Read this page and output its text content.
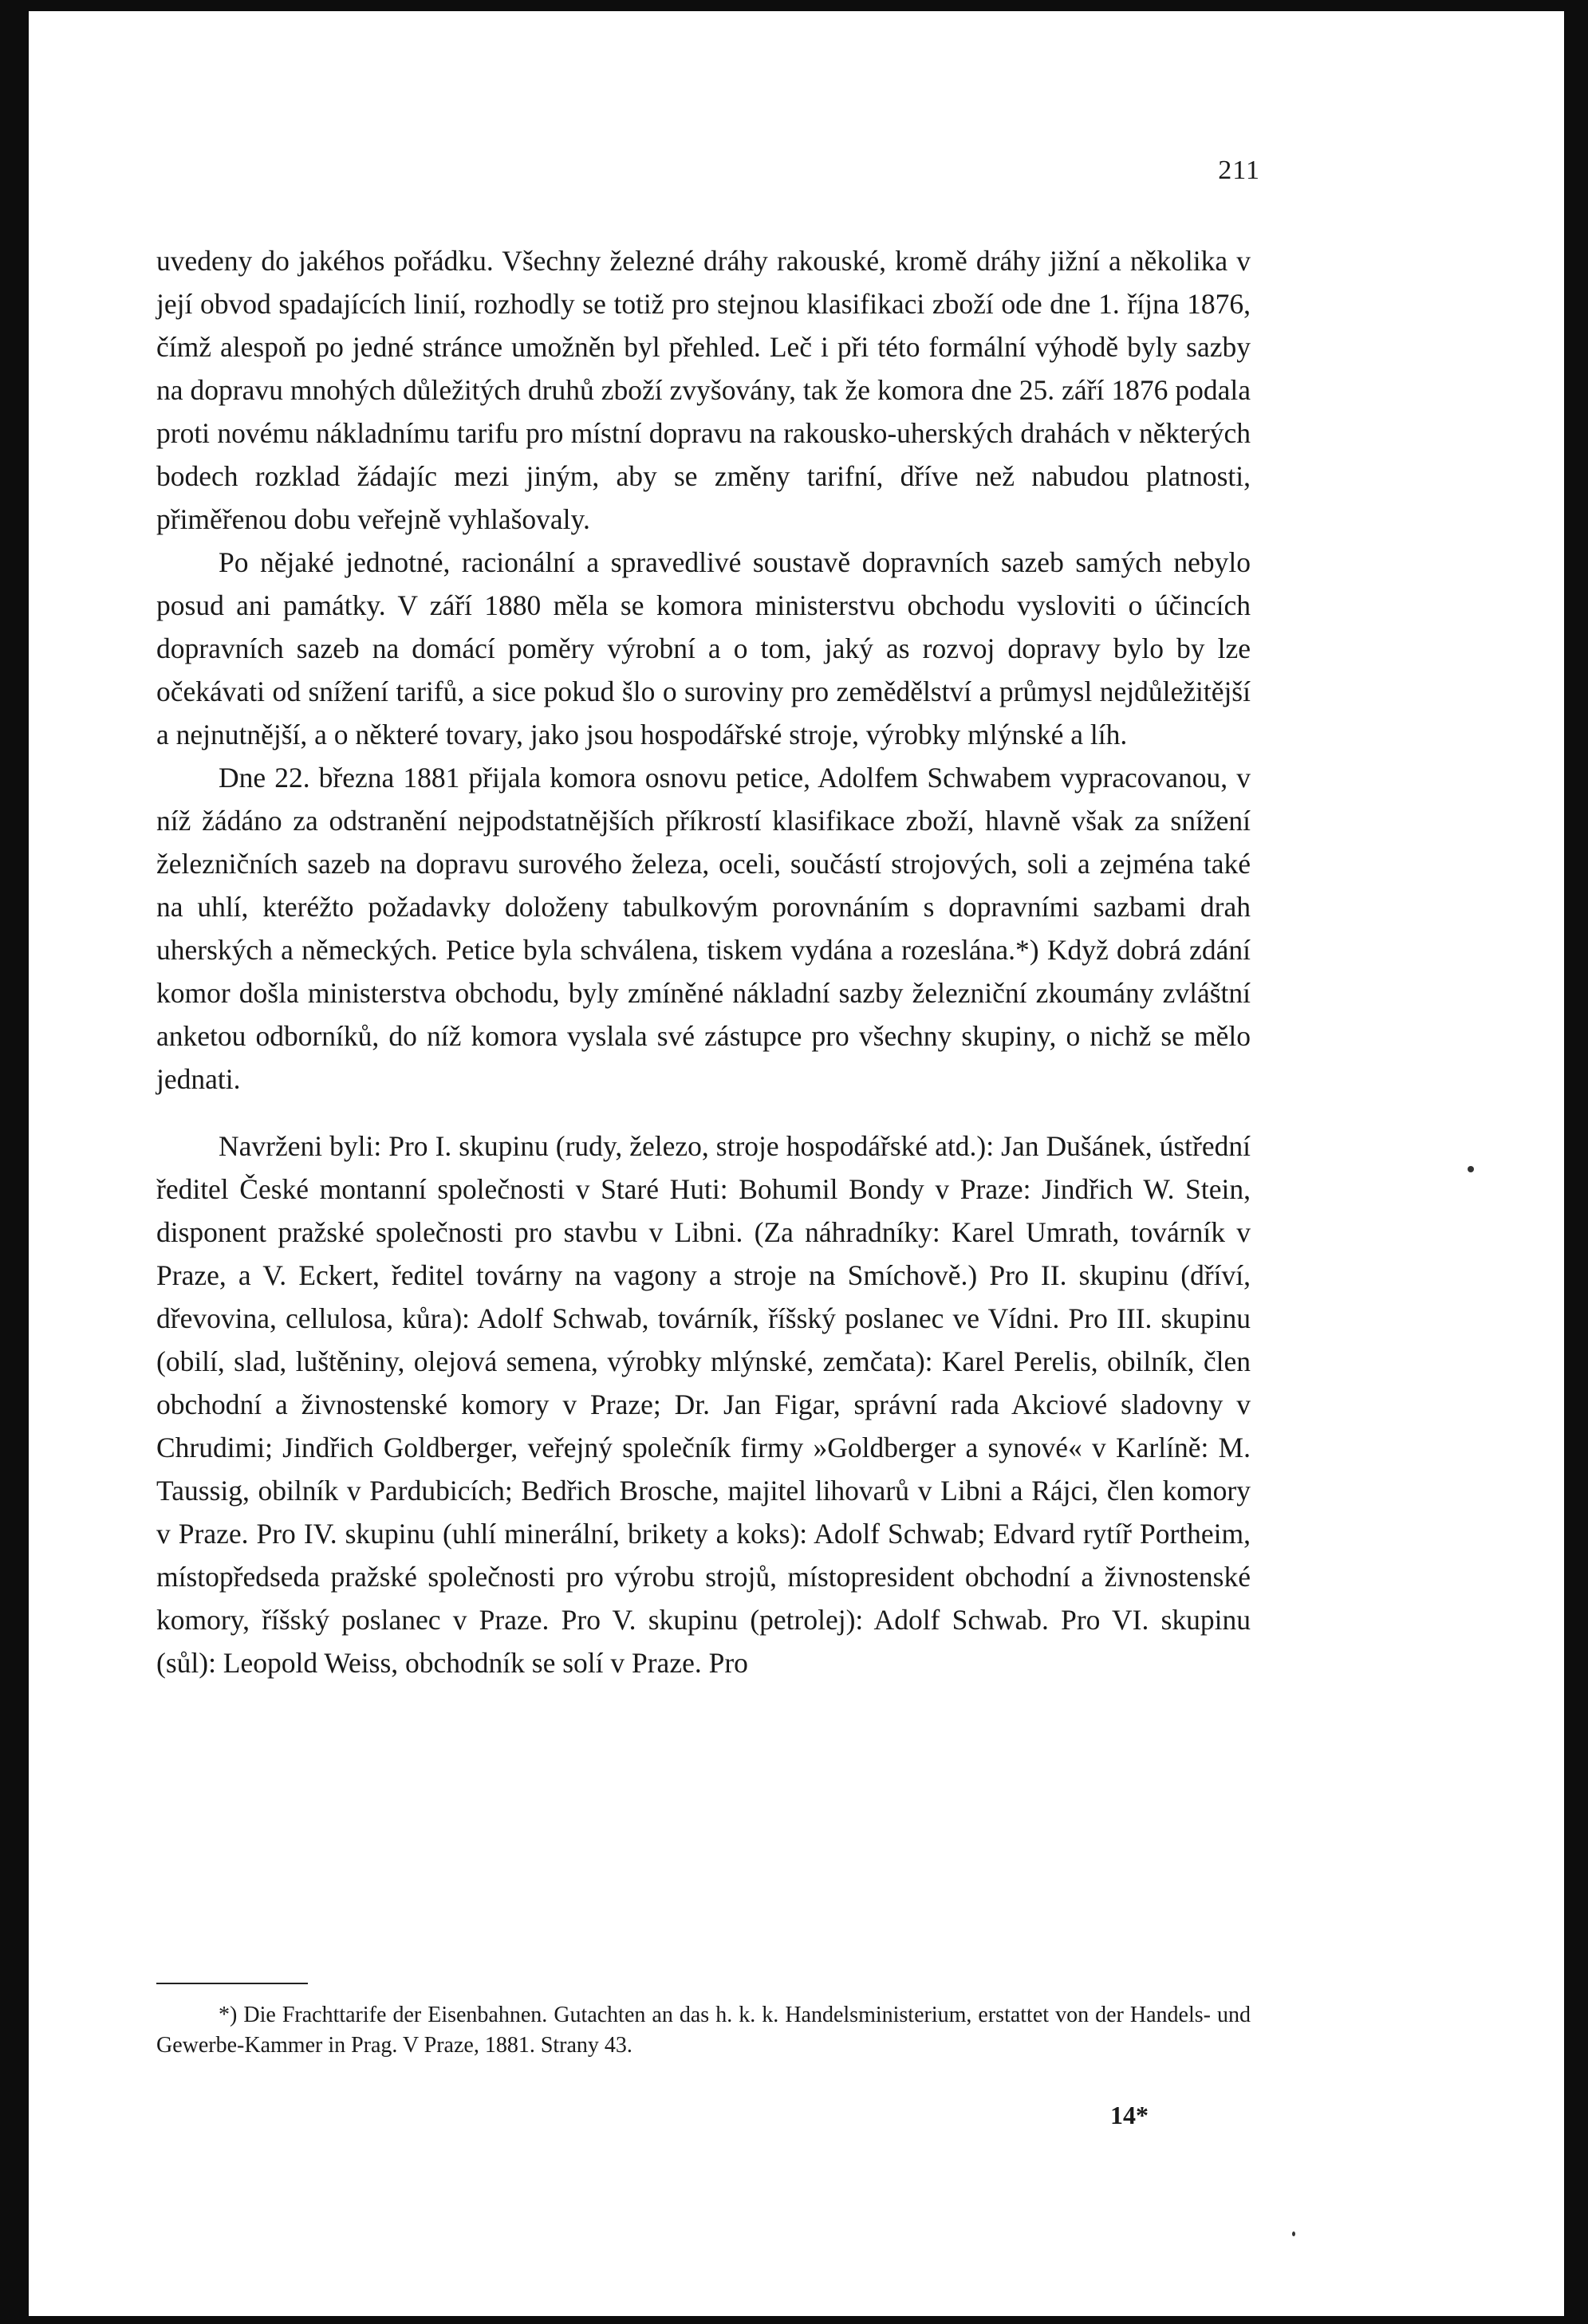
211

uvedeny do jakéhos pořádku. Všechny železné dráhy rakouské, kromě dráhy jižní a několika v její obvod spadajících linií, rozhodly se totiž pro stejnou klasifikaci zboží ode dne 1. října 1876, čímž alespoň po jedné stránce umožněn byl přehled. Leč i při této formální výhodě byly sazby na dopravu mnohých důležitých druhů zboží zvyšovány, tak že komora dne 25. září 1876 podala proti novému nákladnímu tarifu pro místní dopravu na rakousko-uherských drahách v některých bodech rozklad žádajíc mezi jiným, aby se změny tarifní, dříve než nabudou platnosti, přiměřenou dobu veřejně vyhlašovaly.

Po nějaké jednotné, racionální a spravedlivé soustavě dopravních sazeb samých nebylo posud ani památky. V září 1880 měla se komora ministerstvu obchodu vysloviti o účincích dopravních sazeb na domácí poměry výrobní a o tom, jaký as rozvoj dopravy bylo by lze očekávati od snížení tarifů, a sice pokud šlo o suroviny pro zemědělství a průmysl nejdůležitější a nejnutnější, a o některé tovary, jako jsou hospodářské stroje, výrobky mlýnské a líh.

Dne 22. března 1881 přijala komora osnovu petice, Adolfem Schwabem vypracovanou, v níž žádáno za odstranění nejpodstatnějších příkrostí klasifikace zboží, hlavně však za snížení železničních sazeb na dopravu surového železa, oceli, součástí strojových, soli a zejména také na uhlí, kteréžto požadavky doloženy tabulkovým porovnáním s dopravními sazbami drah uherských a německých. Petice byla schválena, tiskem vydána a rozeslána.*) Když dobrá zdání komor došla ministerstva obchodu, byly zmíněné nákladní sazby železniční zkoumány zvláštní anketou odborníků, do níž komora vyslala své zástupce pro všechny skupiny, o nichž se mělo jednati.

Navrženi byli: Pro I. skupinu (rudy, železo, stroje hospodářské atd.): Jan Dušánek, ústřední ředitel České montanní společnosti v Staré Huti: Bohumil Bondy v Praze: Jindřich W. Stein, disponent pražské společnosti pro stavbu v Libni. (Za náhradníky: Karel Umrath, továrník v Praze, a V. Eckert, ředitel továrny na vagony a stroje na Smíchově.) Pro II. skupinu (dříví, dřevovina, cellulosa, kůra): Adolf Schwab, továrník, říšský poslanec ve Vídni. Pro III. skupinu (obilí, slad, luštěniny, olejová semena, výrobky mlýnské, zemčata): Karel Perelis, obilník, člen obchodní a živnostenské komory v Praze; Dr. Jan Figar, správní rada Akciové sladovny v Chrudimi; Jindřich Goldberger, veřejný společník firmy »Goldberger a synové« v Karlíně: M. Taussig, obilník v Pardubicích; Bedřich Brosche, majitel lihovarů v Libni a Rájci, člen komory v Praze. Pro IV. skupinu (uhlí minerální, brikety a koks): Adolf Schwab; Edvard rytíř Portheim, místopředseda pražské společnosti pro výrobu strojů, místopresident obchodní a živnostenské komory, říšský poslanec v Praze. Pro V. skupinu (petrolej): Adolf Schwab. Pro VI. skupinu (sůl): Leopold Weiss, obchodník se solí v Praze. Pro

*) Die Frachttarife der Eisenbahnen. Gutachten an das h. k. k. Handelsministerium, erstattet von der Handels- und Gewerbe-Kammer in Prag. V Praze, 1881. Strany 43.

14*
